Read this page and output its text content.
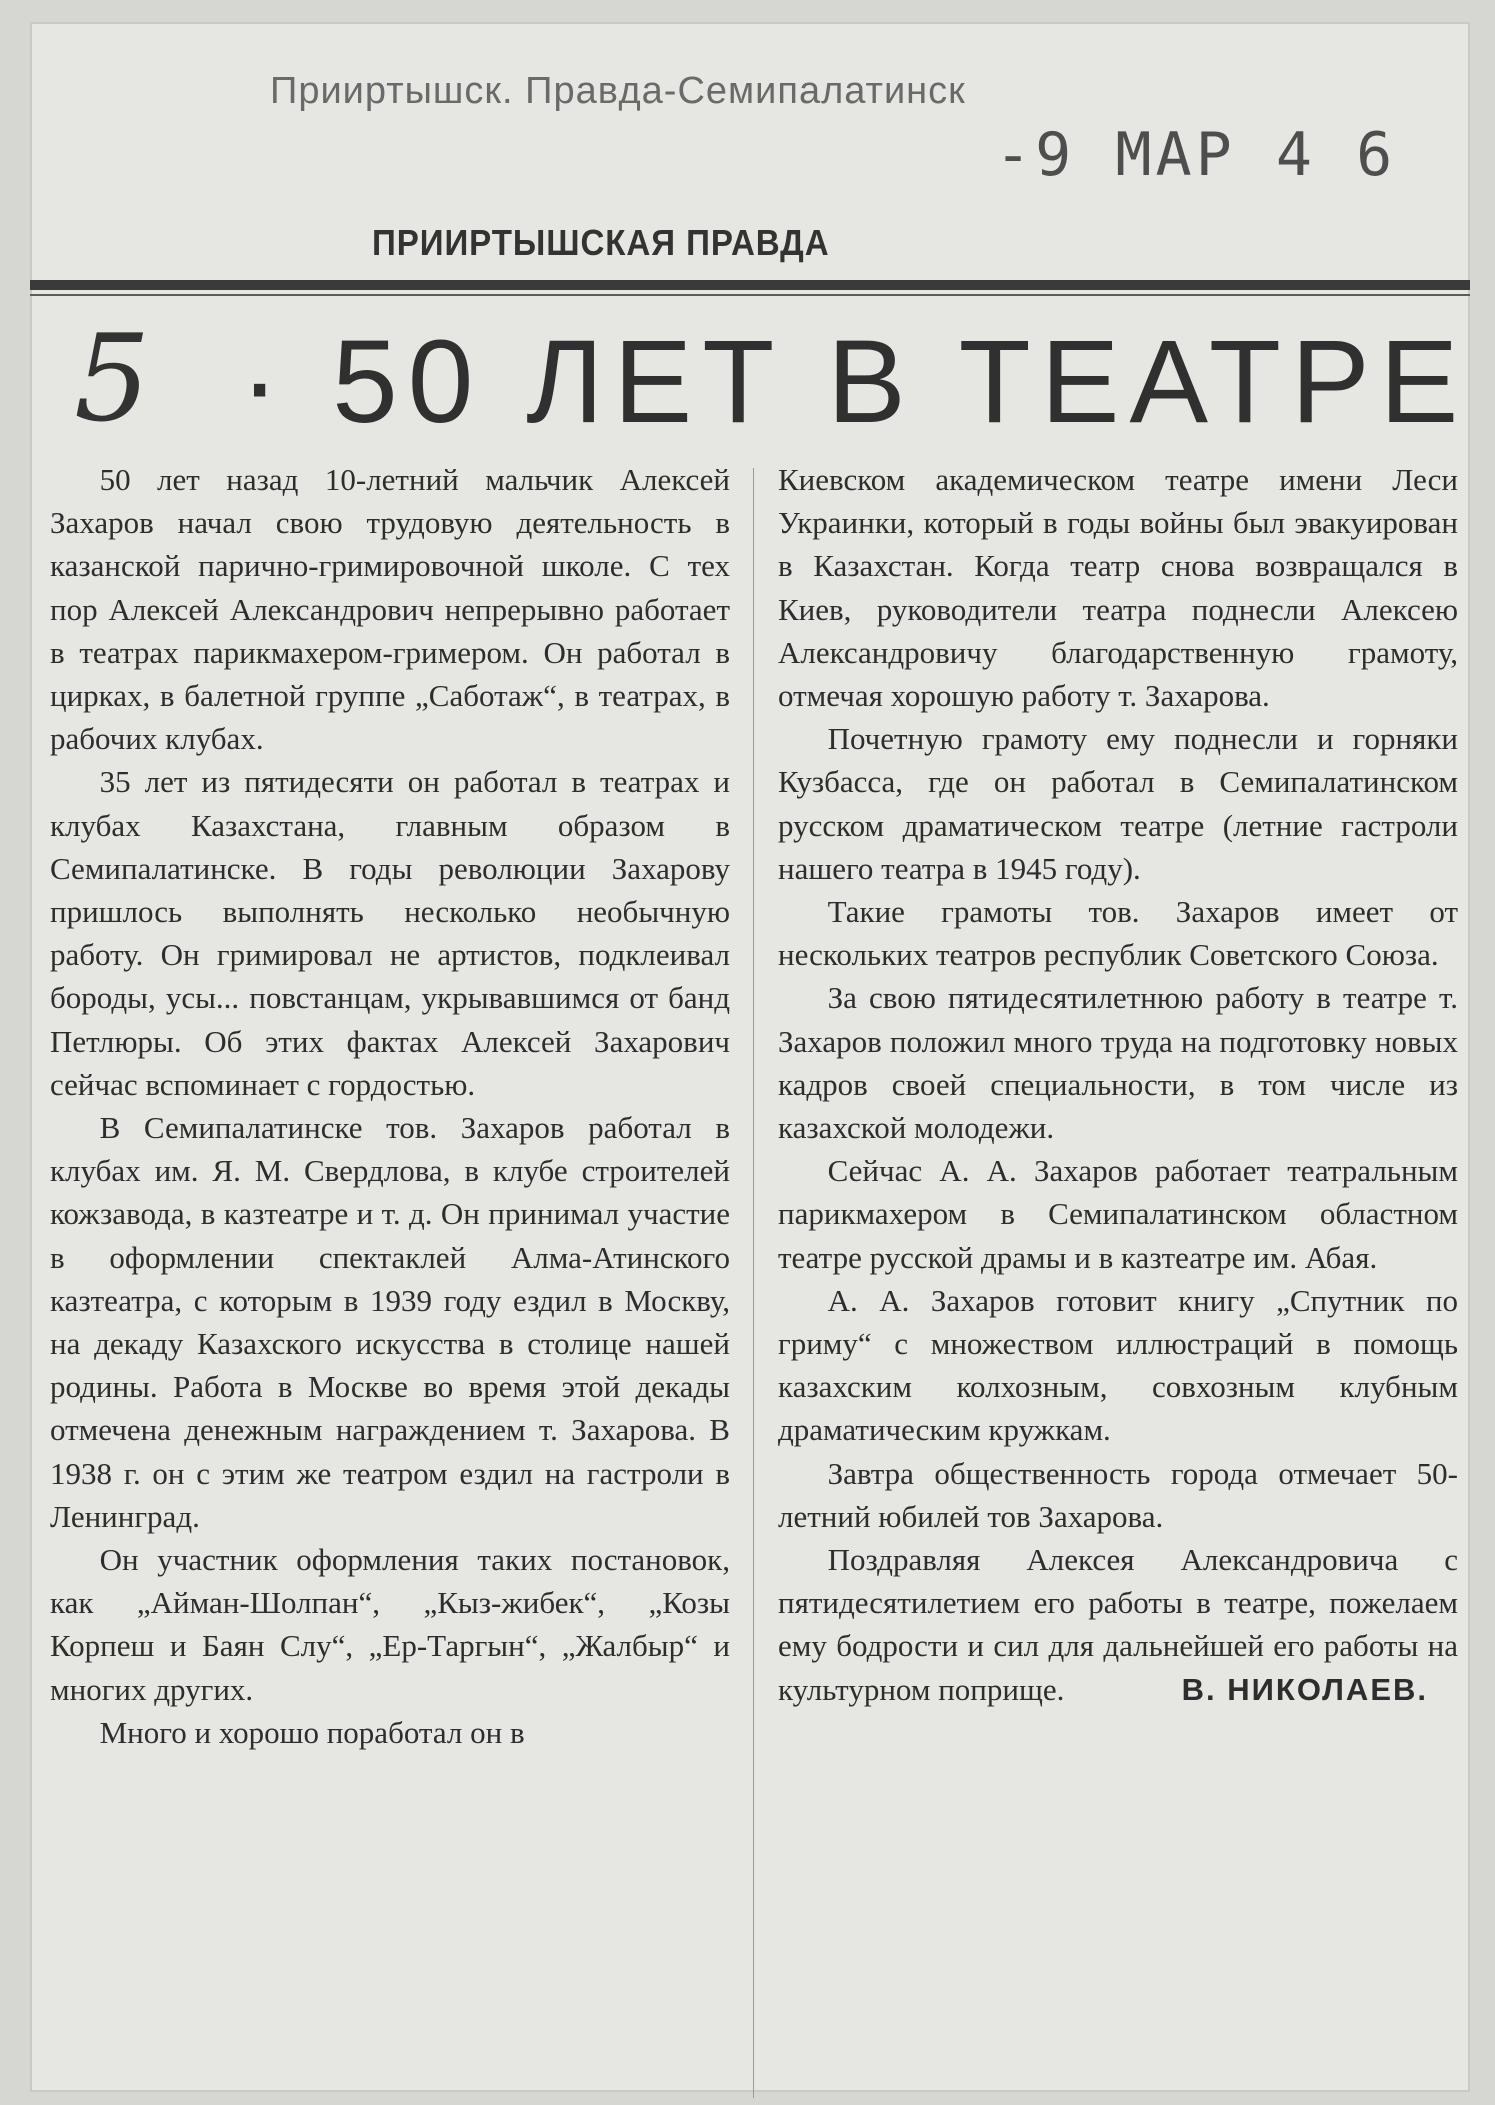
Прииртышск. Правда-Семипалатинск
-9 МАР 4 6
ПРИИРТЫШСКАЯ ПРАВДА
5 · 50 ЛЕТ В ТЕАТРЕ

50 лет назад 10-летний мальчик Алексей Захаров начал свою трудовую деятельность в казанской парично-гримировочной школе. С тех пор Алексей Александрович непрерывно работает в театрах парикмахером-гримером. Он работал в цирках, в балетной группе „Саботаж“, в театрах, в рабочих клубах.

35 лет из пятидесяти он работал в театрах и клубах Казахстана, главным образом в Семипалатинске. В годы революции Захарову пришлось выполнять несколько необычную работу. Он гримировал не артистов, подклеивал бороды, усы... повстанцам, укрывавшимся от банд Петлюры. Об этих фактах Алексей Захарович сейчас вспоминает с гордостью.

В Семипалатинске тов. Захаров работал в клубах им. Я. М. Свердлова, в клубе строителей кожзавода, в казтеатре и т. д. Он принимал участие в оформлении спектаклей Алма-Атинского казтеатра, с которым в 1939 году ездил в Москву, на декаду Казахского искусства в столице нашей родины. Работа в Москве во время этой декады отмечена денежным награждением т. Захарова. В 1938 г. он с этим же театром ездил на гастроли в Ленинград.

Он участник оформления таких постановок, как „Айман-Шолпан“, „Кыз-жибек“, „Козы Корпеш и Баян Слу“, „Ер-Таргын“, „Жалбыр“ и многих других.

Много и хорошо поработал он в

Киевском академическом театре имени Леси Украинки, который в годы войны был эвакуирован в Казахстан. Когда театр снова возвращался в Киев, руководители театра поднесли Алексею Александровичу благодарственную грамоту, отмечая хорошую работу т. Захарова.

Почетную грамоту ему поднесли и горняки Кузбасса, где он работал в Семипалатинском русском драматическом театре (летние гастроли нашего театра в 1945 году).

Такие грамоты тов. Захаров имеет от нескольких театров республик Советского Союза.

За свою пятидесятилетнюю работу в театре т. Захаров положил много труда на подготовку новых кадров своей специальности, в том числе из казахской молодежи.

Сейчас А. А. Захаров работает театральным парикмахером в Семипалатинском областном театре русской драмы и в казтеатре им. Абая.

А. А. Захаров готовит книгу „Спутник по гриму“ с множеством иллюстраций в помощь казахским колхозным, совхозным клубным драматическим кружкам.

Завтра общественность города отмечает 50-летний юбилей тов Захарова.

Поздравляя Алексея Александровича с пятидесятилетием его работы в театре, пожелаем ему бодрости и сил для дальнейшей его работы на культурном поприще.	В. НИКОЛАЕВ.
